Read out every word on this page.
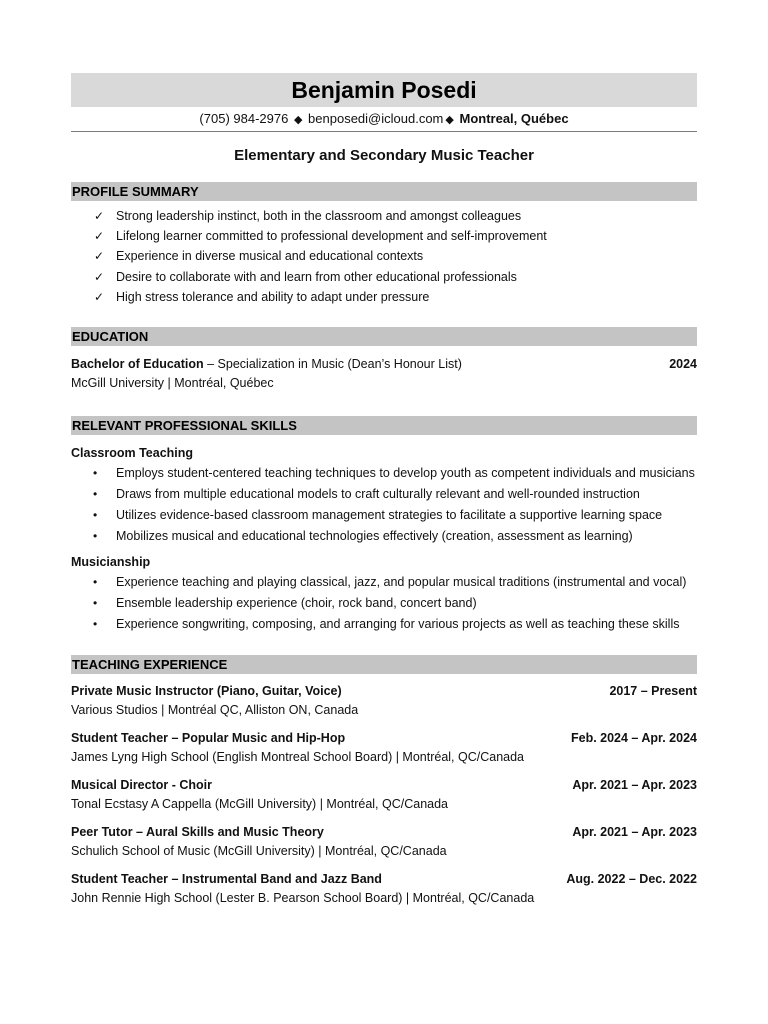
Benjamin Posedi
(705) 984-2976 ◆ benposedi@icloud.com ◆ Montreal, Québec
Elementary and Secondary Music Teacher
PROFILE SUMMARY
✓ Strong leadership instinct, both in the classroom and amongst colleagues
✓ Lifelong learner committed to professional development and self-improvement
✓ Experience in diverse musical and educational contexts
✓ Desire to collaborate with and learn from other educational professionals
✓ High stress tolerance and ability to adapt under pressure
EDUCATION
Bachelor of Education – Specialization in Music (Dean’s Honour List)	2024
McGill University | Montréal, Québec
RELEVANT PROFESSIONAL SKILLS
Classroom Teaching
• Employs student-centered teaching techniques to develop youth as competent individuals and musicians
• Draws from multiple educational models to craft culturally relevant and well-rounded instruction
• Utilizes evidence-based classroom management strategies to facilitate a supportive learning space
• Mobilizes musical and educational technologies effectively (creation, assessment as learning)
Musicianship
• Experience teaching and playing classical, jazz, and popular musical traditions (instrumental and vocal)
• Ensemble leadership experience (choir, rock band, concert band)
• Experience songwriting, composing, and arranging for various projects as well as teaching these skills
TEACHING EXPERIENCE
Private Music Instructor (Piano, Guitar, Voice)	2017 – Present
Various Studios | Montréal QC, Alliston ON, Canada
Student Teacher – Popular Music and Hip-Hop	Feb. 2024 – Apr. 2024
James Lyng High School (English Montreal School Board) | Montréal, QC/Canada
Musical Director - Choir	Apr. 2021 – Apr. 2023
Tonal Ecstasy A Cappella (McGill University) | Montréal, QC/Canada
Peer Tutor – Aural Skills and Music Theory	Apr. 2021 – Apr. 2023
Schulich School of Music (McGill University) | Montréal, QC/Canada
Student Teacher – Instrumental Band and Jazz Band	Aug. 2022 – Dec. 2022
John Rennie High School (Lester B. Pearson School Board) | Montréal, QC/Canada
